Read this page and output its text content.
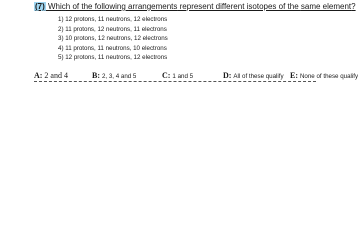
(7) Which of the following arrangements represent different isotopes of the same element?
1) 12 protons, 11 neutrons, 12 electrons
2) 11 protons, 12 neutrons, 11 electrons
3) 10 protons, 12 neutrons, 12 electrons
4) 11 protons, 11 neutrons, 10 electrons
5) 12 protons, 11 neutrons, 12 electrons
A: 2 and 4	B: 2, 3, 4 and 5	C: 1 and 5	D: All of these qualify E: None of these qualify
